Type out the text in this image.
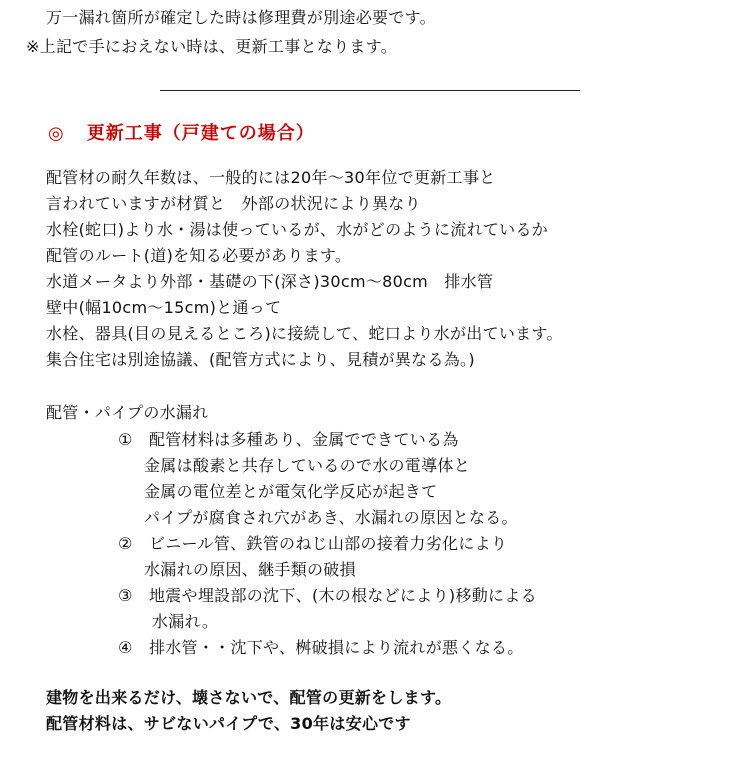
万一漏れ箇所が確定した時は修理費が別途必要です。
※上記で手におえない時は、更新工事となります。
◎ 更新工事（戸建ての場合）
配管材の耐久年数は、一般的には20年～30年位で更新工事と
言われていますが材質と　外部の状況により異なり
水栓(蛇口)より水・湯は使っているが、水がどのように流れているか
配管のルート(道)を知る必要があります。
水道メータより外部・基礎の下(深さ)30cm～80cm　排水管
壁中(幅10cm～15cm)と通って
水栓、器具(目の見えるところ)に接続して、蛇口より水が出ています。
集合住宅は別途協議、(配管方式により、見積が異なる為。)
配管・パイプの水漏れ
①　配管材料は多種あり、金属でできている為
金属は酸素と共存しているので水の電導体と
金属の電位差とが電気化学反応が起きて
パイプが腐食され穴があき、水漏れの原因となる。
②　ビニール管、鉄管のねじ山部の接着力劣化により
水漏れの原因、継手類の破損
③　地震や埋設部の沈下、(木の根などにより)移動による
水漏れ。
④　排水管・・沈下や、桝破損により流れが悪くなる。
建物を出来るだけ、壊さないで、配管の更新をします。
配管材料は、サビないパイプで、30年は安心です
